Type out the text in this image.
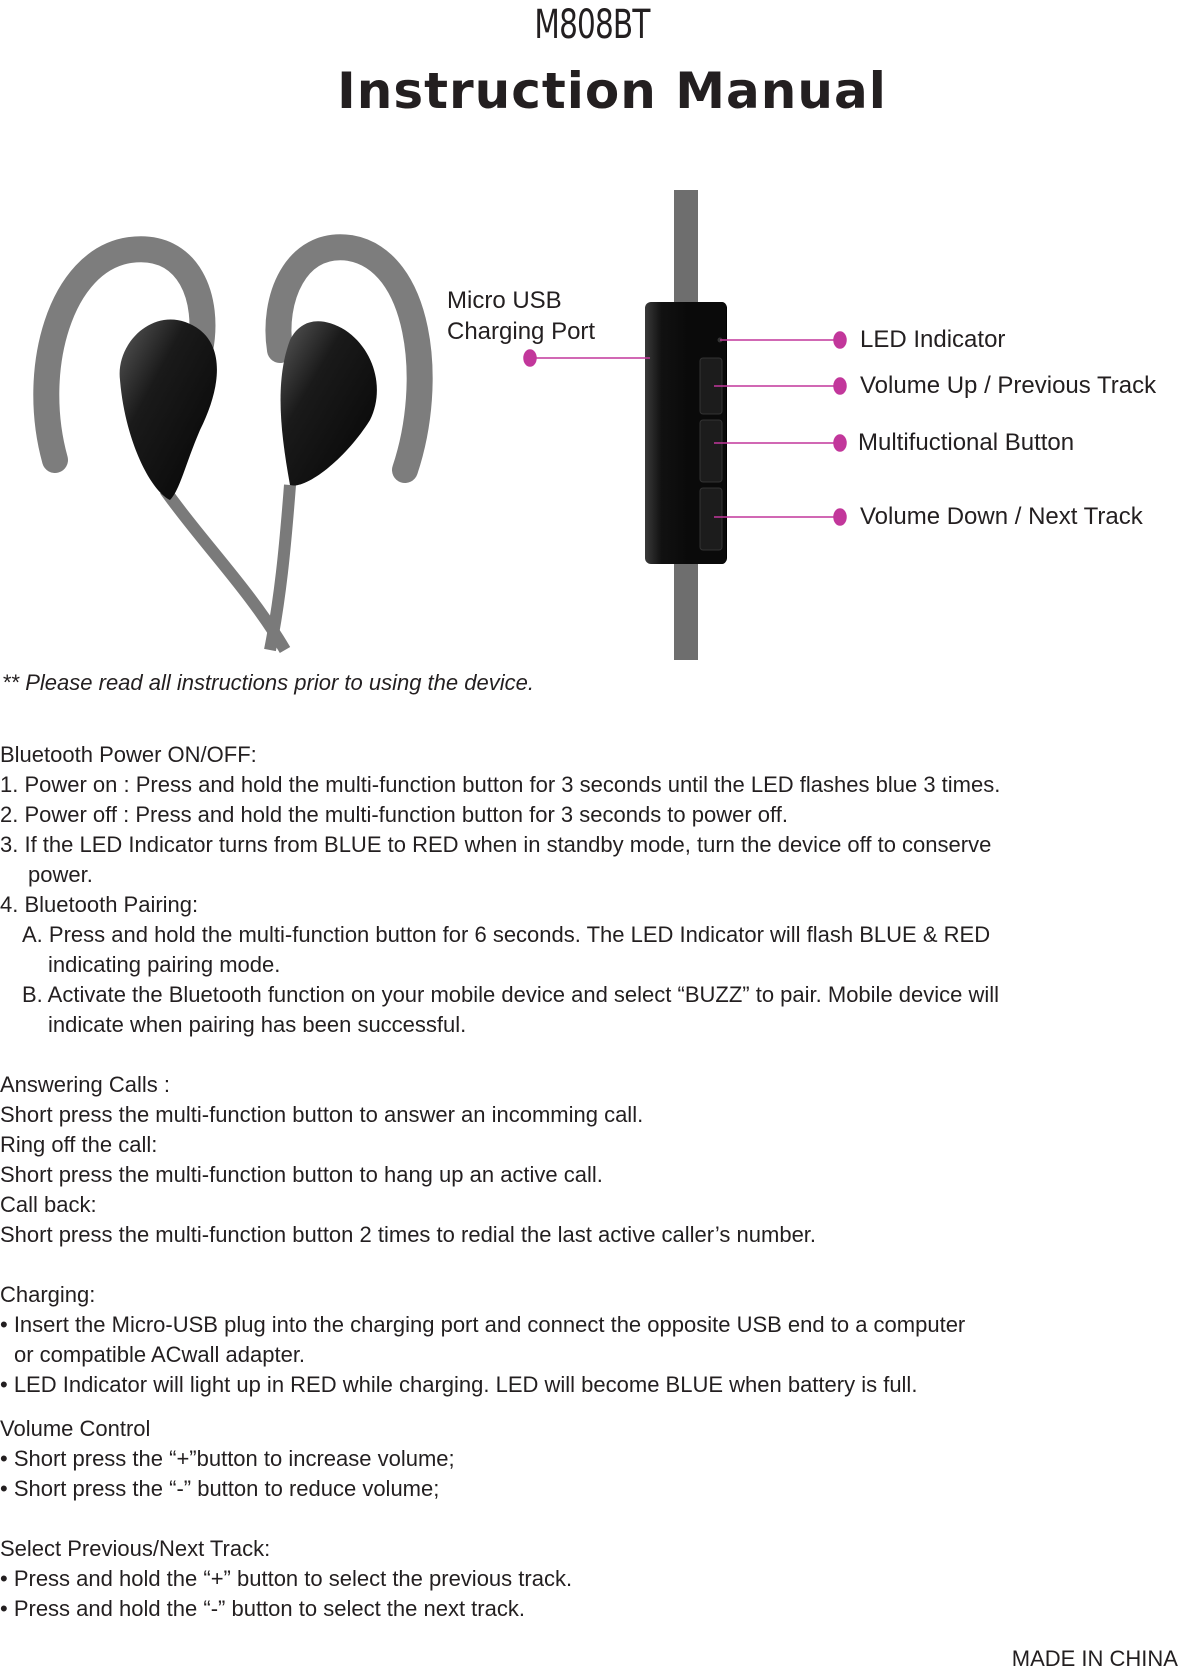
M808BT
Instruction Manual
Micro USB
Charging Port	LED Indicator
Volume Up / Previous Track
Multifuctional Button
Volume Down / Next Track
** Please read all instructions prior to using the device.
Bluetooth Power ON/OFF:
1. Power on : Press and hold the multi-function button for 3 seconds until the LED flashes blue 3 times.
2. Power off : Press and hold the multi-function button for 3 seconds to power off.
3. If the LED Indicator turns from BLUE to RED when in standby mode, turn the device off to conserve
power.
4. Bluetooth Pairing:
A. Press and hold the multi-function button for 6 seconds. The LED Indicator will flash BLUE & RED
indicating pairing mode.
B. Activate the Bluetooth function on your mobile device and select “BUZZ” to pair. Mobile device will
indicate when pairing has been successful.
Answering Calls :
Short press the multi-function button to answer an incomming call.
Ring off the call:
Short press the multi-function button to hang up an active call.
Call back:
Short press the multi-function button 2 times to redial the last active caller’s number.
Charging:
• Insert the Micro-USB plug into the charging port and connect the opposite USB end to a computer
or compatible ACwall adapter.
• LED Indicator will light up in RED while charging. LED will become BLUE when battery is full.
Volume Control
• Short press the “+”button to increase volume;
• Short press the “-” button to reduce volume;
Select Previous/Next Track:
• Press and hold the “+” button to select the previous track.
• Press and hold the “-” button to select the next track.
MADE IN CHINA
